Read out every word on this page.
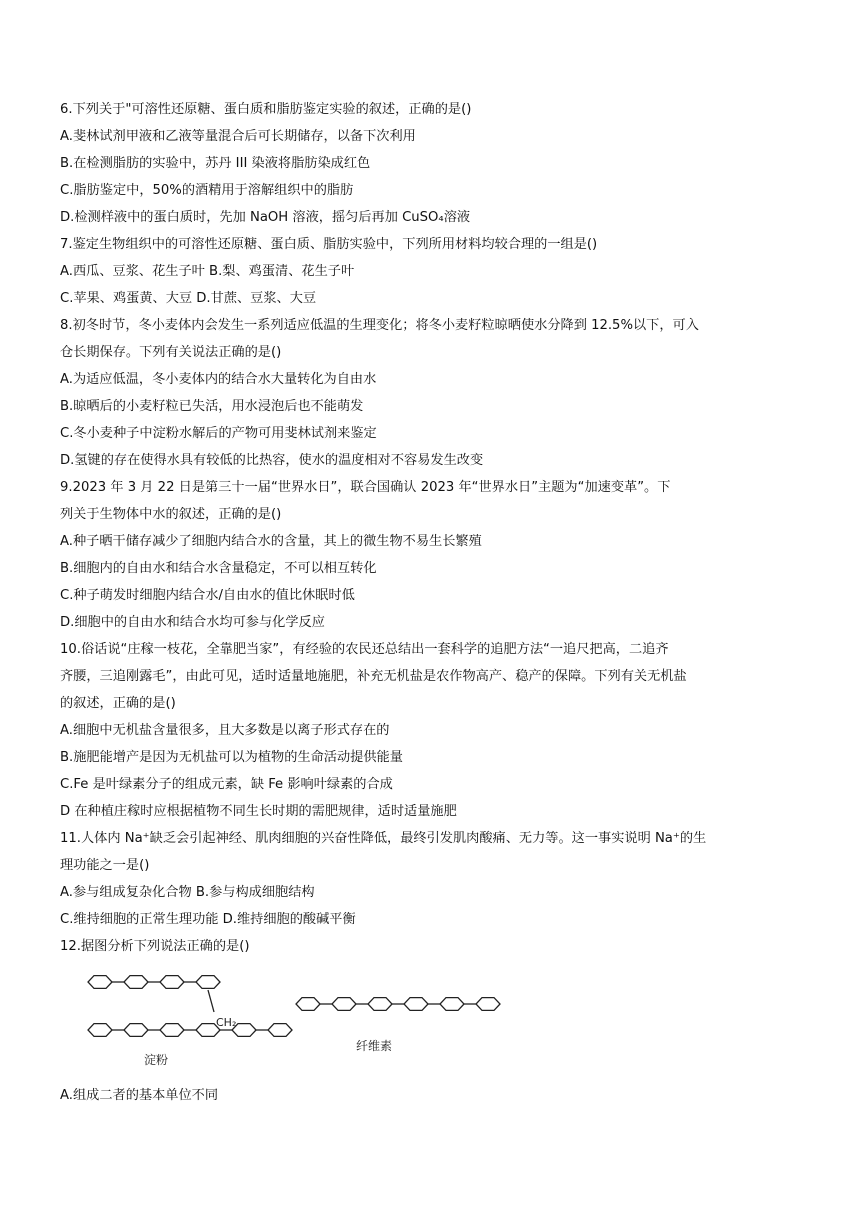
6.下列关于"可溶性还原糖、蛋白质和脂肪鉴定实验的叙述，正确的是()

A.斐林试剂甲液和乙液等量混合后可长期储存，以备下次利用

B.在检测脂肪的实验中，苏丹 III 染液将脂肪染成红色

C.脂肪鉴定中，50%的酒精用于溶解组织中的脂肪

D.检测样液中的蛋白质时，先加 NaOH 溶液，摇匀后再加 CuSO₄溶液

7.鉴定生物组织中的可溶性还原糖、蛋白质、脂肪实验中，下列所用材料均较合理的一组是()

A.西瓜、豆浆、花生子叶 B.梨、鸡蛋清、花生子叶

C.苹果、鸡蛋黄、大豆 D.甘蔗、豆浆、大豆

8.初冬时节，冬小麦体内会发生一系列适应低温的生理变化；将冬小麦籽粒晾晒使水分降到 12.5%以下，可入

仓长期保存。下列有关说法正确的是()

A.为适应低温，冬小麦体内的结合水大量转化为自由水

B.晾晒后的小麦籽粒已失活，用水浸泡后也不能萌发

C.冬小麦种子中淀粉水解后的产物可用斐林试剂来鉴定

D.氢键的存在使得水具有较低的比热容，使水的温度相对不容易发生改变

9.2023 年 3 月 22 日是第三十一届“世界水日”，联合国确认 2023 年“世界水日”主题为“加速变革”。下

列关于生物体中水的叙述，正确的是()

A.种子晒干储存减少了细胞内结合水的含量，其上的微生物不易生长繁殖

B.细胞内的自由水和结合水含量稳定，不可以相互转化

C.种子萌发时细胞内结合水/自由水的值比休眠时低

D.细胞中的自由水和结合水均可参与化学反应

10.俗话说“庄稼一枝花，全靠肥当家”，有经验的农民还总结出一套科学的追肥方法“一追尺把高，二追齐

齐腰，三追刚露毛”，由此可见，适时适量地施肥，补充无机盐是农作物高产、稳产的保障。下列有关无机盐

的叙述，正确的是()

A.细胞中无机盐含量很多，且大多数是以离子形式存在的

B.施肥能增产是因为无机盐可以为植物的生命活动提供能量

C.Fe 是叶绿素分子的组成元素，缺 Fe 影响叶绿素的合成

D 在种植庄稼时应根据植物不同生长时期的需肥规律，适时适量施肥

11.人体内 Na⁺缺乏会引起神经、肌肉细胞的兴奋性降低，最终引发肌肉酸痛、无力等。这一事实说明 Na⁺的生

理功能之一是()

A.参与组成复杂化合物 B.参与构成细胞结构

C.维持细胞的正常生理功能 D.维持细胞的酸碱平衡

12.据图分析下列说法正确的是()

CH₂
淀粉
纤维素

A.组成二者的基本单位不同
